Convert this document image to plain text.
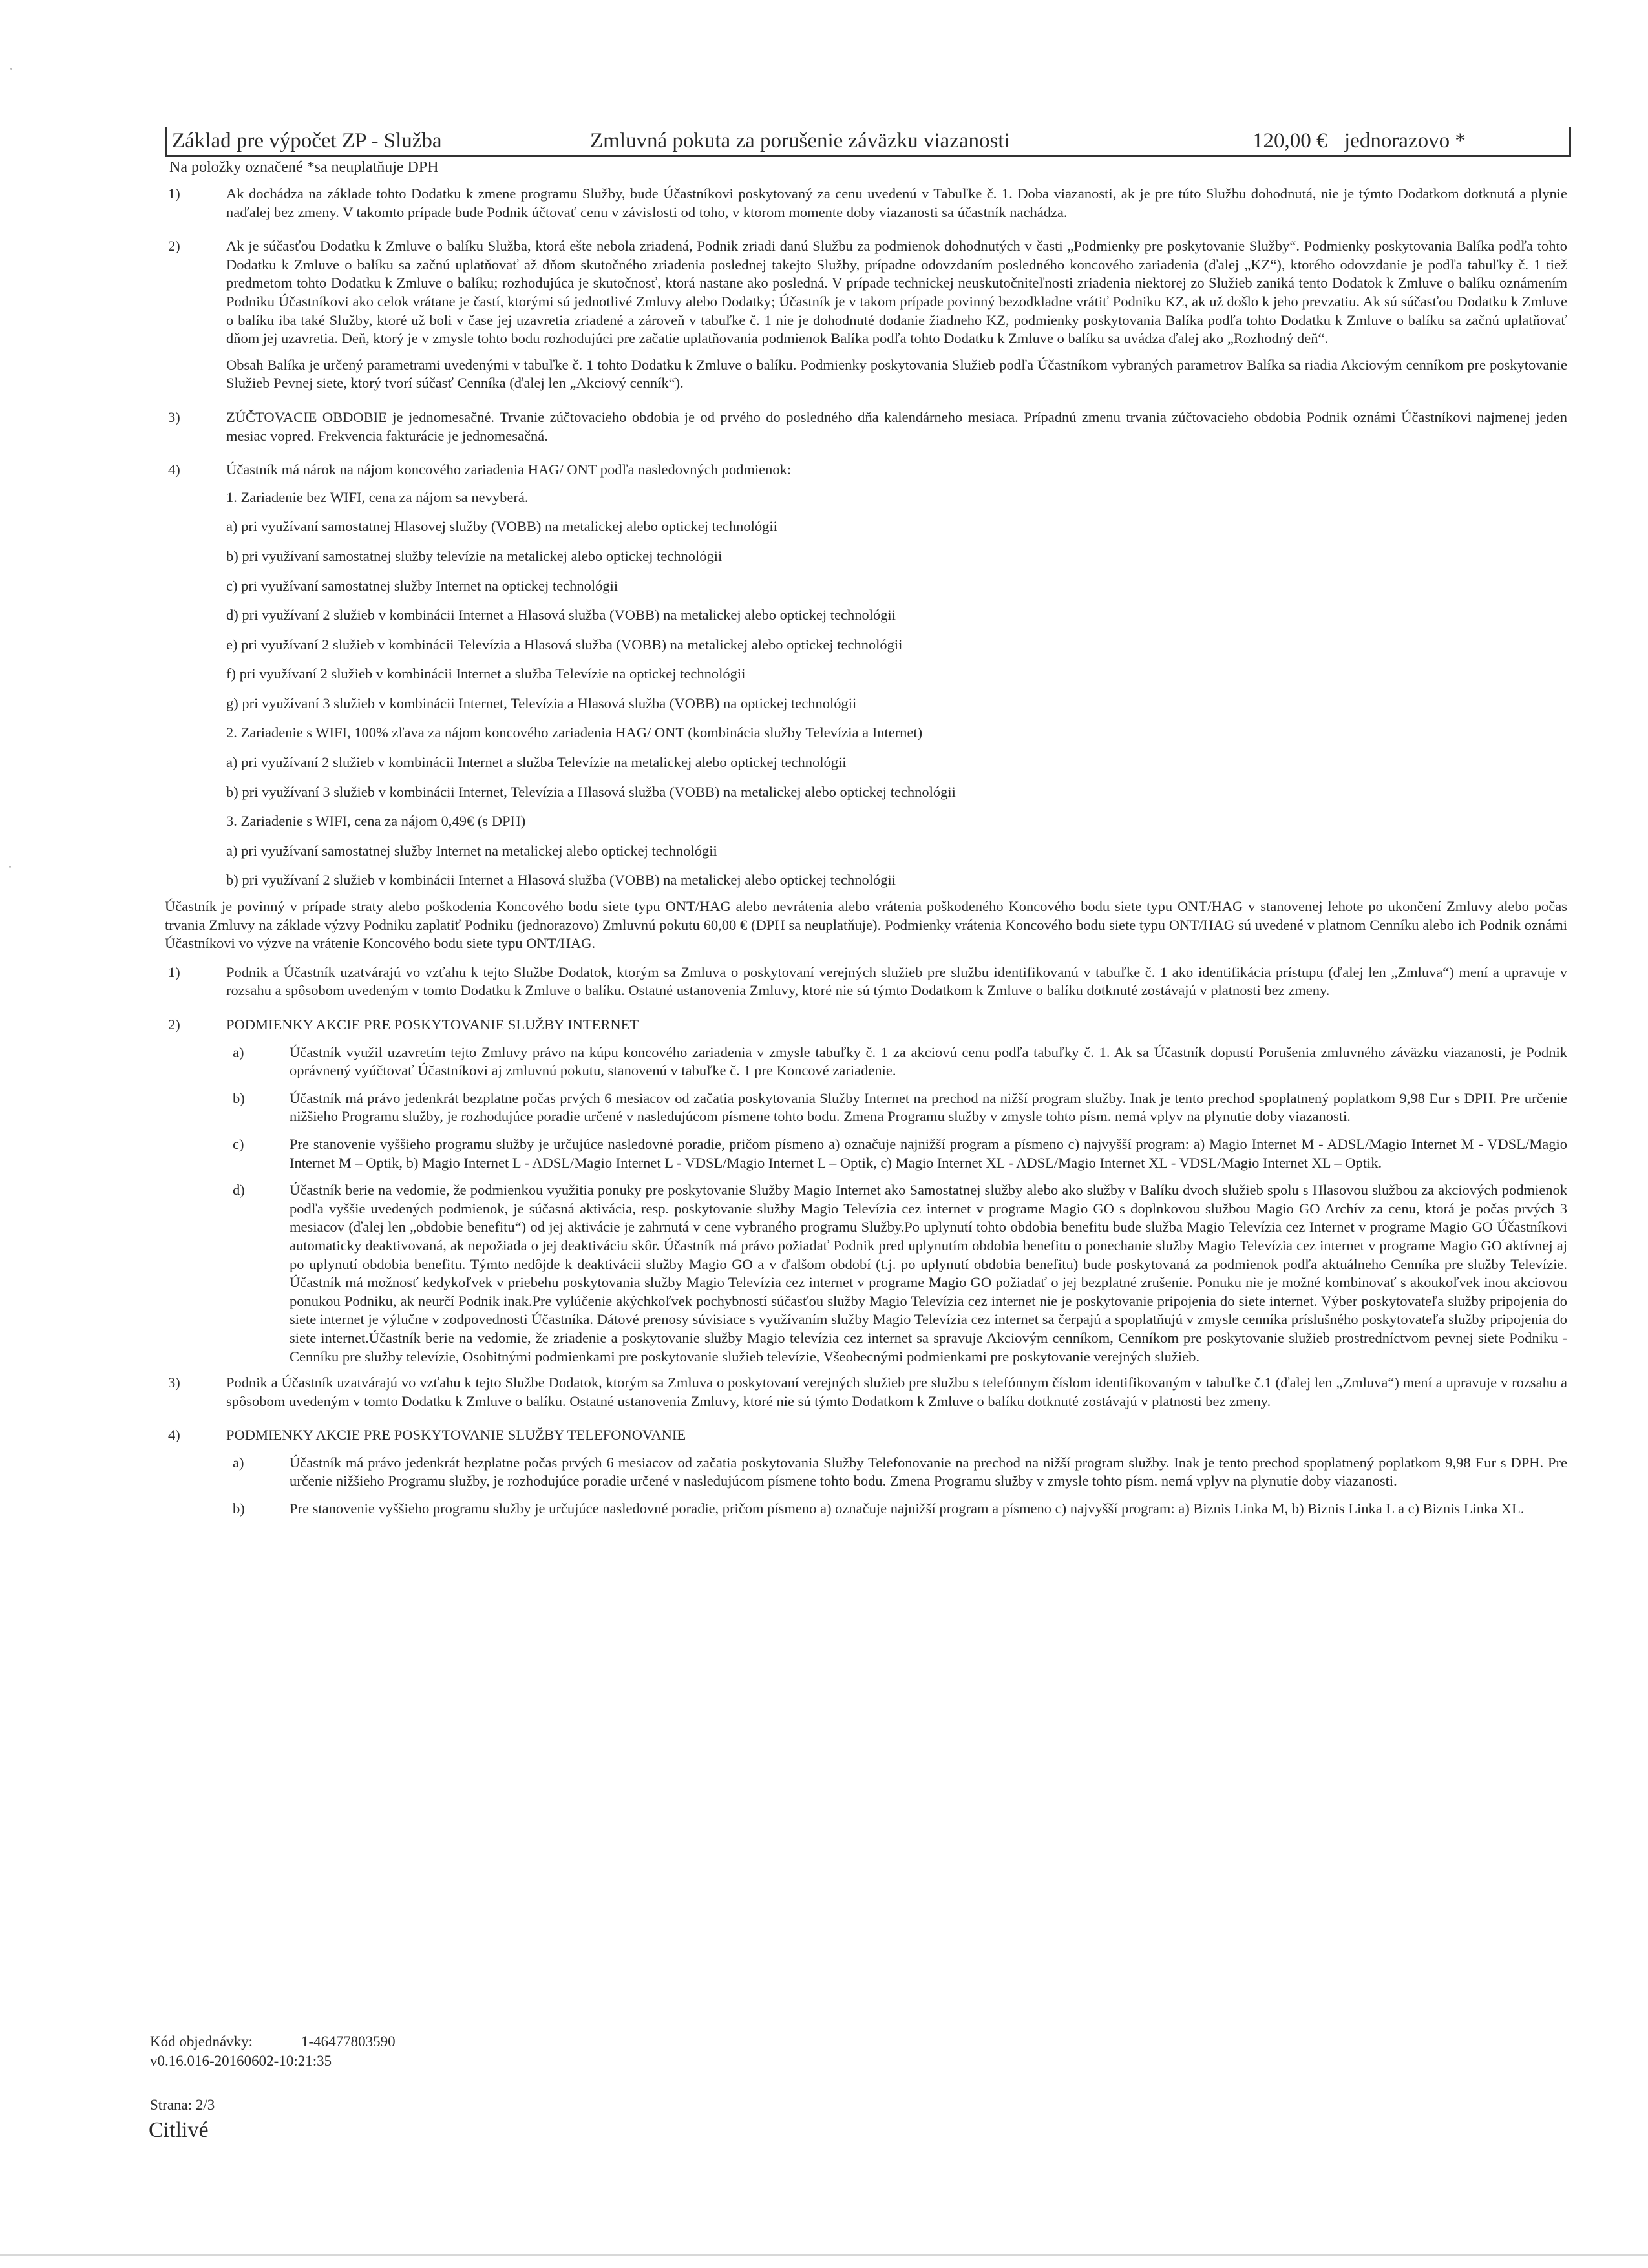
Základ pre výpočet ZP - Služba	Zmluvná pokuta za porušenie záväzku viazanosti	120,00 € jednorazovo *
Na položky označené *sa neuplatňuje DPH
1)	Ak dochádza na základe tohto Dodatku k zmene programu Služby, bude Účastníkovi poskytovaný za cenu uvedenú v Tabuľke č. 1. Doba viazanosti, ak je pre túto Službu dohodnutá, nie je týmto Dodatkom dotknutá a plynie naďalej bez zmeny. V takomto prípade bude Podnik účtovať cenu v závislosti od toho, v ktorom momente doby viazanosti sa účastník nachádza.

2)	Ak je súčasťou Dodatku k Zmluve o balíku Služba, ktorá ešte nebola zriadená, Podnik zriadi danú Službu za podmienok dohodnutých v časti „Podmienky pre poskytovanie Služby“. Podmienky poskytovania Balíka podľa tohto Dodatku k Zmluve o balíku sa začnú uplatňovať až dňom skutočného zriadenia poslednej takejto Služby, prípadne odovzdaním posledného koncového zariadenia (ďalej „KZ“), ktorého odovzdanie je podľa tabuľky č. 1 tiež predmetom tohto Dodatku k Zmluve o balíku; rozhodujúca je skutočnosť, ktorá nastane ako posledná. V prípade technickej neuskutočniteľnosti zriadenia niektorej zo Služieb zaniká tento Dodatok k Zmluve o balíku oznámením Podniku Účastníkovi ako celok vrátane je častí, ktorými sú jednotlivé Zmluvy alebo Dodatky; Účastník je v takom prípade povinný bezodkladne vrátiť Podniku KZ, ak už došlo k jeho prevzatiu. Ak sú súčasťou Dodatku k Zmluve o balíku iba také Služby, ktoré už boli v čase jej uzavretia zriadené a zároveň v tabuľke č. 1 nie je dohodnuté dodanie žiadneho KZ, podmienky poskytovania Balíka podľa tohto Dodatku k Zmluve o balíku sa začnú uplatňovať dňom jej uzavretia. Deň, ktorý je v zmysle tohto bodu rozhodujúci pre začatie uplatňovania podmienok Balíka podľa tohto Dodatku k Zmluve o balíku sa uvádza ďalej ako „Rozhodný deň“.

Obsah Balíka je určený parametrami uvedenými v tabuľke č. 1 tohto Dodatku k Zmluve o balíku. Podmienky poskytovania Služieb podľa Účastníkom vybraných parametrov Balíka sa riadia Akciovým cenníkom pre poskytovanie Služieb Pevnej siete, ktorý tvorí súčasť Cenníka (ďalej len „Akciový cenník“).

3)	ZÚČTOVACIE OBDOBIE je jednomesačné. Trvanie zúčtovacieho obdobia je od prvého do posledného dňa kalendárneho mesiaca. Prípadnú zmenu trvania zúčtovacieho obdobia Podnik oznámi Účastníkovi najmenej jeden mesiac vopred. Frekvencia fakturácie je jednomesačná.

4)	Účastník má nárok na nájom koncového zariadenia HAG/ ONT podľa nasledovných podmienok:
1. Zariadenie bez WIFI, cena za nájom sa nevyberá.
a) pri využívaní samostatnej Hlasovej služby (VOBB) na metalickej alebo optickej technológii
b) pri využívaní samostatnej služby televízie na metalickej alebo optickej technológii
c) pri využívaní samostatnej služby Internet na optickej technológii
d) pri využívaní 2 služieb v kombinácii Internet a Hlasová služba (VOBB) na metalickej alebo optickej technológii
e) pri využívaní 2 služieb v kombinácii Televízia a Hlasová služba (VOBB) na metalickej alebo optickej technológii
f) pri využívaní 2 služieb v kombinácii Internet a služba Televízie na optickej technológii
g) pri využívaní 3 služieb v kombinácii Internet, Televízia a Hlasová služba (VOBB) na optickej technológii
2. Zariadenie s WIFI, 100% zľava za nájom koncového zariadenia HAG/ ONT (kombinácia služby Televízia a Internet)
a) pri využívaní 2 služieb v kombinácii Internet a služba Televízie na metalickej alebo optickej technológii
b) pri využívaní 3 služieb v kombinácii Internet, Televízia a Hlasová služba (VOBB) na metalickej alebo optickej technológii
3. Zariadenie s WIFI, cena za nájom 0,49€ (s DPH)
a) pri využívaní samostatnej služby Internet na metalickej alebo optickej technológii
b) pri využívaní 2 služieb v kombinácii Internet a Hlasová služba (VOBB) na metalickej alebo optickej technológii
Účastník je povinný v prípade straty alebo poškodenia Koncového bodu siete typu ONT/HAG alebo nevrátenia alebo vrátenia poškodeného Koncového bodu siete typu ONT/HAG v stanovenej lehote po ukončení Zmluvy alebo počas trvania Zmluvy na základe výzvy Podniku zaplatiť Podniku (jednorazovo) Zmluvnú pokutu 60,00 € (DPH sa neuplatňuje). Podmienky vrátenia Koncového bodu siete typu ONT/HAG sú uvedené v platnom Cenníku alebo ich Podnik oznámi Účastníkovi vo výzve na vrátenie Koncového bodu siete typu ONT/HAG.
1)	Podnik a Účastník uzatvárajú vo vzťahu k tejto Službe Dodatok, ktorým sa Zmluva o poskytovaní verejných služieb pre službu identifikovanú v tabuľke č. 1 ako identifikácia prístupu (ďalej len „Zmluva“) mení a upravuje v rozsahu a spôsobom uvedeným v tomto Dodatku k Zmluve o balíku. Ostatné ustanovenia Zmluvy, ktoré nie sú týmto Dodatkom k Zmluve o balíku dotknuté zostávajú v platnosti bez zmeny.

2)	PODMIENKY AKCIE PRE POSKYTOVANIE SLUŽBY INTERNET
a)	Účastník využil uzavretím tejto Zmluvy právo na kúpu koncového zariadenia v zmysle tabuľky č. 1 za akciovú cenu podľa tabuľky č. 1. Ak sa Účastník dopustí Porušenia zmluvného záväzku viazanosti, je Podnik oprávnený vyúčtovať Účastníkovi aj zmluvnú pokutu, stanovenú v tabuľke č. 1 pre Koncové zariadenie.
b)	Účastník má právo jedenkrát bezplatne počas prvých 6 mesiacov od začatia poskytovania Služby Internet na prechod na nižší program služby. Inak je tento prechod spoplatnený poplatkom 9,98 Eur s DPH. Pre určenie nižšieho Programu služby, je rozhodujúce poradie určené v nasledujúcom písmene tohto bodu. Zmena Programu služby v zmysle tohto písm. nemá vplyv na plynutie doby viazanosti.
c)	Pre stanovenie vyššieho programu služby je určujúce nasledovné poradie, pričom písmeno a) označuje najnižší program a písmeno c) najvyšší program: a) Magio Internet M - ADSL/Magio Internet M - VDSL/Magio Internet M – Optik, b) Magio Internet L - ADSL/Magio Internet L - VDSL/Magio Internet L – Optik, c) Magio Internet XL - ADSL/Magio Internet XL - VDSL/Magio Internet XL – Optik.
d)	Účastník berie na vedomie, že podmienkou využitia ponuky pre poskytovanie Služby Magio Internet ako Samostatnej služby alebo ako služby v Balíku dvoch služieb spolu s Hlasovou službou za akciových podmienok podľa vyššie uvedených podmienok, je súčasná aktivácia, resp. poskytovanie služby Magio Televízia cez internet v programe Magio GO s doplnkovou službou Magio GO Archív za cenu, ktorá je počas prvých 3 mesiacov (ďalej len „obdobie benefitu“) od jej aktivácie je zahrnutá v cene vybraného programu Služby.Po uplynutí tohto obdobia benefitu bude služba Magio Televízia cez Internet v programe Magio GO Účastníkovi automaticky deaktivovaná, ak nepožiada o jej deaktiváciu skôr. Účastník má právo požiadať Podnik pred uplynutím obdobia benefitu o ponechanie služby Magio Televízia cez internet v programe Magio GO aktívnej aj po uplynutí obdobia benefitu. Týmto nedôjde k deaktivácii služby Magio GO a v ďalšom období (t.j. po uplynutí obdobia benefitu) bude poskytovaná za podmienok podľa aktuálneho Cenníka pre služby Televízie. Účastník má možnosť kedykoľvek v priebehu poskytovania služby Magio Televízia cez internet v programe Magio GO požiadať o jej bezplatné zrušenie. Ponuku nie je možné kombinovať s akoukoľvek inou akciovou ponukou Podniku, ak neurčí Podnik inak.Pre vylúčenie akýchkoľvek pochybností súčasťou služby Magio Televízia cez internet nie je poskytovanie pripojenia do siete internet. Výber poskytovateľa služby pripojenia do siete internet je výlučne v zodpovednosti Účastníka. Dátové prenosy súvisiace s využívaním služby Magio Televízia cez internet sa čerpajú a spoplatňujú v zmysle cenníka príslušného poskytovateľa služby pripojenia do siete internet.Účastník berie na vedomie, že zriadenie a poskytovanie služby Magio televízia cez internet sa spravuje Akciovým cenníkom, Cenníkom pre poskytovanie služieb prostredníctvom pevnej siete Podniku - Cenníku pre služby televízie, Osobitnými podmienkami pre poskytovanie služieb televízie, Všeobecnými podmienkami pre poskytovanie verejných služieb.
3)	Podnik a Účastník uzatvárajú vo vzťahu k tejto Službe Dodatok, ktorým sa Zmluva o poskytovaní verejných služieb pre službu s telefónnym číslom identifikovaným v tabuľke č.1 (ďalej len „Zmluva“) mení a upravuje v rozsahu a spôsobom uvedeným v tomto Dodatku k Zmluve o balíku. Ostatné ustanovenia Zmluvy, ktoré nie sú týmto Dodatkom k Zmluve o balíku dotknuté zostávajú v platnosti bez zmeny.

4)	PODMIENKY AKCIE PRE POSKYTOVANIE SLUŽBY TELEFONOVANIE
a)	Účastník má právo jedenkrát bezplatne počas prvých 6 mesiacov od začatia poskytovania Služby Telefonovanie na prechod na nižší program služby. Inak je tento prechod spoplatnený poplatkom 9,98 Eur s DPH. Pre určenie nižšieho Programu služby, je rozhodujúce poradie určené v nasledujúcom písmene tohto bodu. Zmena Programu služby v zmysle tohto písm. nemá vplyv na plynutie doby viazanosti.
b)	Pre stanovenie vyššieho programu služby je určujúce nasledovné poradie, pričom písmeno a) označuje najnižší program a písmeno c) najvyšší program: a) Biznis Linka M, b) Biznis Linka L a c) Biznis Linka XL.
Kód objednávky:	1-46477803590
v0.16.016-20160602-10:21:35
Strana: 2/3
Citlivé
